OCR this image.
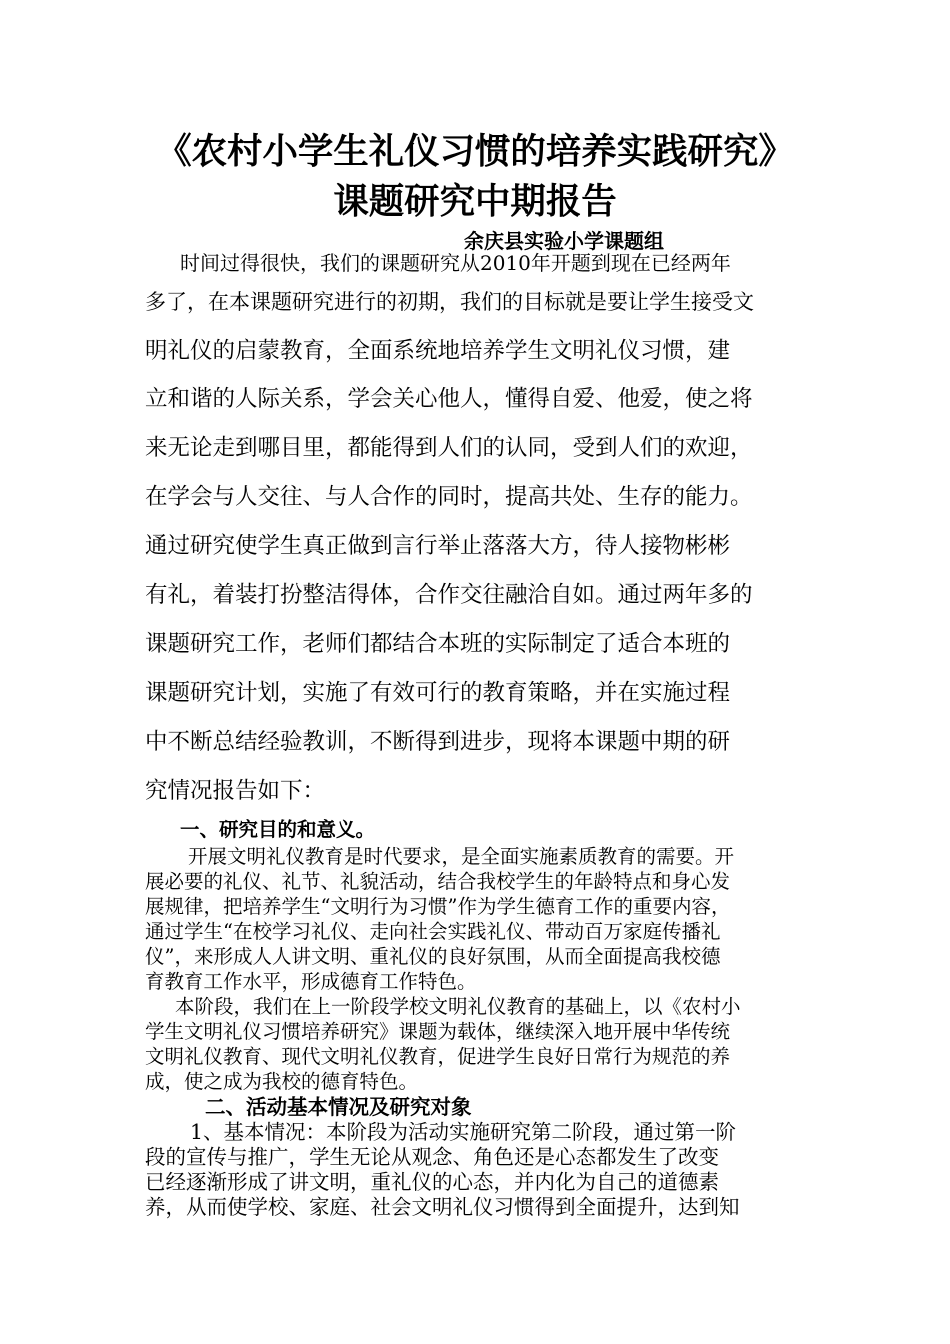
《农村小学生礼仪习惯的培养实践研究》
课题研究中期报告
余庆县实验小学课题组
时间过得很快，我们的课题研究从2010年开题到现在已经两年
多了，在本课题研究进行的初期，我们的目标就是要让学生接受文
明礼仪的启蒙教育，全面系统地培养学生文明礼仪习惯，建
立和谐的人际关系，学会关心他人，懂得自爱、他爱，使之将
来无论走到哪目里，都能得到人们的认同，受到人们的欢迎，
在学会与人交往、与人合作的同时，提高共处、生存的能力。
通过研究使学生真正做到言行举止落落大方，待人接物彬彬
有礼，着装打扮整洁得体，合作交往融洽自如。通过两年多的
课题研究工作，老师们都结合本班的实际制定了适合本班的
课题研究计划，实施了有效可行的教育策略，并在实施过程
中不断总结经验教训，不断得到进步，现将本课题中期的研
究情况报告如下：
一、研究目的和意义。
开展文明礼仪教育是时代要求，是全面实施素质教育的需要。开
展必要的礼仪、礼节、礼貌活动，结合我校学生的年龄特点和身心发
展规律，把培养学生“文明行为习惯”作为学生德育工作的重要内容，
通过学生“在校学习礼仪、走向社会实践礼仪、带动百万家庭传播礼
仪”，来形成人人讲文明、重礼仪的良好氛围，从而全面提高我校德
育教育工作水平，形成德育工作特色。
本阶段，我们在上一阶段学校文明礼仪教育的基础上，以《农村小
学生文明礼仪习惯培养研究》课题为载体，继续深入地开展中华传统
文明礼仪教育、现代文明礼仪教育，促进学生良好日常行为规范的养
成，使之成为我校的德育特色。
二、活动基本情况及研究对象
1、基本情况：本阶段为活动实施研究第二阶段，通过第一阶
段的宣传与推广，学生无论从观念、角色还是心态都发生了改变
已经逐渐形成了讲文明，重礼仪的心态，并内化为自己的道德素
养，从而使学校、家庭、社会文明礼仪习惯得到全面提升，达到知
